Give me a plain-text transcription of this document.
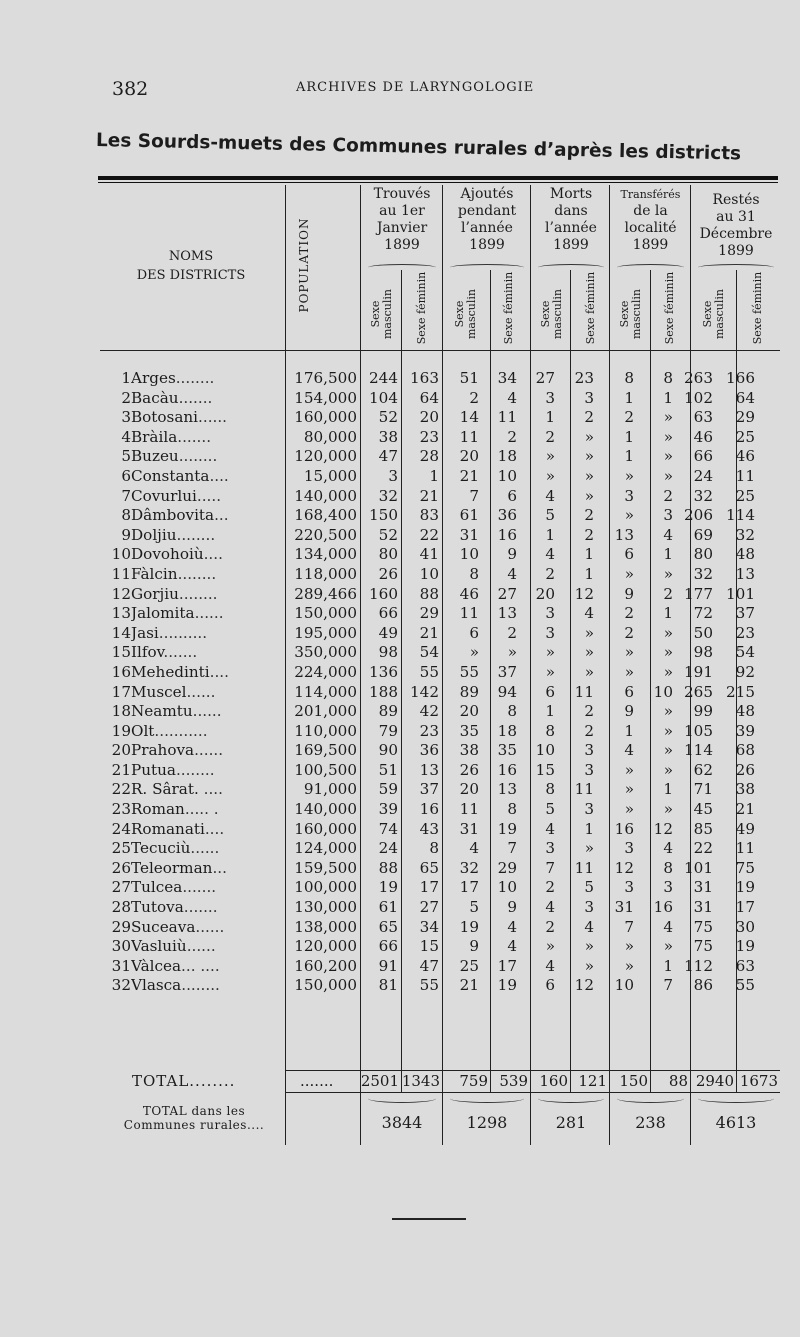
382	ARCHIVES DE LARYNGOLOGIE
Les Sourds-muets des Communes rurales d’après les districts
NOMS
DES DISTRICTS	POPULATION
Trouvés
au 1er
Janvier
1899
Sexe masculin Sexe féminin
Ajoutés
pendant
l’année
1899
Sexe masculin Sexe féminin
Morts
dans
l’année
1899
Sexe masculin Sexe féminin
Transférés
de la
localité
1899
Sexe masculin Sexe féminin
Restés
au 31
Décembre
1899
Sexe masculin Sexe féminin
1	Arges........	176,500	244	163	51	34	27	23	8	8	263	166
2	Bacàu.......	154,000	104	64	2	4	3	3	1	1	102	64
3	Botosani......	160,000	52	20	14	11	1	2	2	»	63	29
4	Bràila.......	80,000	38	23	11	2	2	»	1	»	46	25
5	Buzeu........	120,000	47	28	20	18	»	»	1	»	66	46
6	Constanta....	15,000	3	1	21	10	»	»	»	»	24	11
7	Covurlui.....	140,000	32	21	7	6	4	»	3	2	32	25
8	Dâmbovita...	168,400	150	83	61	36	5	2	»	3	206	114
9	Doljiu........	220,500	52	22	31	16	1	2	13	4	69	32
10	Dovohoiù....	134,000	80	41	10	9	4	1	6	1	80	48
11	Fàlcin........	118,000	26	10	8	4	2	1	»	»	32	13
12	Gorjiu........	289,466	160	88	46	27	20	12	9	2	177	101
13	Jalomita......	150,000	66	29	11	13	3	4	2	1	72	37
14	Jasi..........	195,000	49	21	6	2	3	»	2	»	50	23
15	Ilfov.......	350,000	98	54	»	»	»	»	»	»	98	54
16	Mehedinti....	224,000	136	55	55	37	»	»	»	»	191	92
17	Muscel......	114,000	188	142	89	94	6	11	6	10	265	215
18	Neamtu......	201,000	89	42	20	8	1	2	9	»	99	48
19	Olt...........	110,000	79	23	35	18	8	2	1	»	105	39
20	Prahova......	169,500	90	36	38	35	10	3	4	»	114	68
21	Putua........	100,500	51	13	26	16	15	3	»	»	62	26
22	R. Sârat. ....	91,000	59	37	20	13	8	11	»	1	71	38
23	Roman..... .	140,000	39	16	11	8	5	3	»	»	45	21
24	Romanati....	160,000	74	43	31	19	4	1	16	12	85	49
25	Tecuciù......	124,000	24	8	4	7	3	»	3	4	22	11
26	Teleorman...	159,500	88	65	32	29	7	11	12	8	101	75
27	Tulcea.......	100,000	19	17	17	10	2	5	3	3	31	19
28	Tutova.......	130,000	61	27	5	9	4	3	31	16	31	17
29	Suceava......	138,000	65	34	19	4	2	4	7	4	75	30
30	Vasluiù......	120,000	66	15	9	4	»	»	»	»	75	19
31	Vàlcea... ....	160,200	91	47	25	17	4	»	»	1	112	63
32	Vlasca........	150,000	81	55	21	19	6	12	10	7	86	55
TOTAL........	....... 2501 1343	759 539 160 121 150	88 2940 1673
TOTAL dans les
Communes rurales....	3844	1298	281	238	4613
